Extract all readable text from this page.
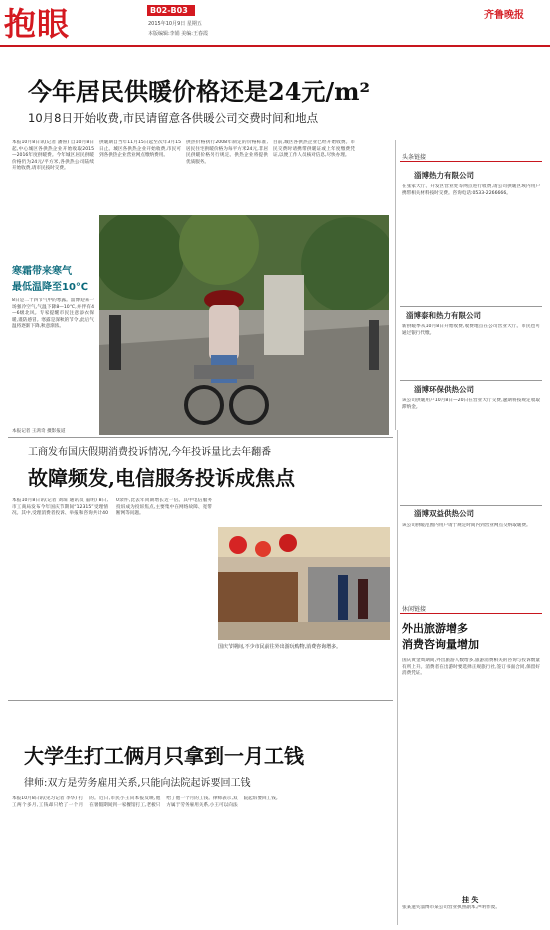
抱眼	B02-B03
2015年10月9日 星期五
本版编辑:李娟 美编:王春霞
齐鲁晚报
今年居民供暖价格还是24元/m²
10月8日开始收费,市民请留意各供暖公司交费时间和地点
本报10月8日讯(记者 潘鲁) 自10月8日起,中心城区各供热企业开始收取2015—2016年度供暖费。今年城区居民供暖价格仍为24元/平方米,各供热公司陆续开始收费,请市民按时交费。
供暖期自当年11月15日起至次年3月15日止。城区各供热企业开始收费,市民可到各供热企业营业网点缴纳费用。
供热价格执行2008年制定的价格标准,居民住宅供暖价格为每平方米24元,非居民供暖价格另行规定。供热企业将提供优质服务。
目前,城区各供热企业已经开始收费。市民交费时请携带供暖证或上年度缴费凭证,以便工作人员核对信息,尽快办理。
寒霜带来寒气
最低温降至10℃
8日是二十四节气中的寒露。淄博迎来一场强冷空气,气温下降8—10℃,并伴有4—6级北风。专家提醒市民注意添衣保暖,谨防感冒。寒露是深秋的节令,此后气温将逐渐下降,秋意渐浓。
本报记者 王鸿奇 摄影报道
头条链接
淄博热力有限公司
在张家大厅、开发区营业处等网点进行收费,请公司供暖区域内用户携带相关材料按时交费。咨询电话:0533-2266666。
淄博泰和热力有限公司
新供暖季从10月8日开始收费,收费地点在公司营业大厅。市民也可通过银行代缴。
淄博环保供热公司
该公司供暖用户10月8日—20日在营业大厅交费,逾期将按规定收取滞纳金。
淄博双益供热公司
该公司供暖范围内用户请于规定时间内到营业网点交纳取暖费。
休闲链接
外出旅游增多
消费咨询量增加
国庆黄金周期间,外出旅游人数增多,旅游消费相关的咨询与投诉数量有所上升。消费者在出游时要选择正规旅行社,签订书面合同,保留好消费凭证。
挂 失
张某遗失淄博市某公司营业执照副本,声明作废。
工商发布国庆假期消费投诉情况,今年投诉量比去年翻番
故障频发,电信服务投诉成焦点
本报10月8日讯(记者 刘琛 通讯员 董明) 8日,市工商局发布今年国庆节期间“12315”受理情况。其中,受理消费者投诉、举报和咨询共计400余件,比去年同期增长近一倍。其中电信服务投诉成为投诉焦点,主要集中在网络故障、宽带断网等问题。
国庆节期间,不少市民前往外出游玩购物,消费咨询增多。
大学生打工俩月只拿到一月工钱
律师:双方是劳务雇用关系,只能向法院起诉要回工钱
本报10月8日讯(见习记者 李华) 打工两个多月,工钱却只给了一个月的。近日,市民小王向本报反映,他在暑假期间到一家餐馆打工,老板只给了他一个月的工钱。律师表示,双方属于劳务雇用关系,小王可以向法院起诉要回工钱。
